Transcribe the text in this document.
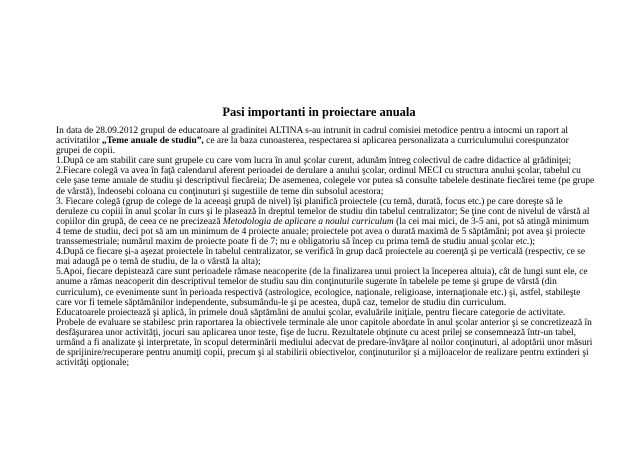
Pasi importanti in proiectare anuala
In data de 28.09.2012 grupul de educatoare al gradinitei ALTINA s-au intrunit in cadrul comisiei metodice pentru a intocmi un raport al
activitatilor „Teme anuale de studiu”, ce are la baza cunoasterea, respectarea si aplicarea personalizata a curriculumului corespunzator
grupei de copii.
1.După ce am stabilit care sunt grupele cu care vom lucra în anul şcolar curent, adunăm întreg colectivul de cadre didactice al grădiniţei;
2.Fiecare colegă va avea în faţă calendarul aferent perioadei de derulare a anului şcolar, ordinul MECI cu structura anului şcolar, tabelul cu
cele şase teme anuale de studiu şi descriptivul fiecăreia; De asemenea, colegele vor putea să consulte tabelele destinate fiecărei teme (pe grupe
de vârstă), îndeosebi coloana cu conţinuturi şi sugestiile de teme din subsolul acestora;
3. Fiecare colegă (grup de colege de la aceeaşi grupă de nivel) îşi planifică proiectele (cu temă, durată, focus etc.) pe care doreşte să le
deruleze cu copiii în anul şcolar în curs şi le plasează în dreptul temelor de studiu din tabelul centralizator; Se ţine cont de nivelul de vârstă al
copiilor din grupă, de ceea ce ne precizează Metodologia de aplicare a noului curriculum (la cei mai mici, de 3-5 ani, pot să atingă minimum
4 teme de studiu, deci pot să am un minimum de 4 proiecte anuale; proiectele pot avea o durată maximă de 5 săptămâni; pot avea şi proiecte
transsemestriale; numărul maxim de proiecte poate fi de 7; nu e obligatoriu să încep cu prima temă de studiu anual şcolar etc.);
4.După ce fiecare şi-a aşezat proiectele în tabelul centralizator, se verifică în grup dacă proiectele au coerenţă şi pe verticală (respectiv, ce se
mai adaugă pe o temă de studiu, de la o vârstă la alta);
5.Apoi, fiecare depistează care sunt perioadele rămase neacoperite (de la finalizarea unui proiect la începerea altuia), cât de lungi sunt ele, ce
anume a rămas neacoperit din descriptivul temelor de studiu sau din conţinuturile sugerate în tabelele pe teme şi grupe de vârstă (din
curriculum), ce evenimente sunt în perioada respectivă (astrologice, ecologice, naţionale, religioase, internaţionale etc.) şi, astfel, stabileşte
care vor fi temele săptămânilor independente, subsumându-le şi pe acestea, după caz, temelor de studiu din curriculum.
Educatoarele proiectează şi aplică, în primele două săptămâni de anului şcolar, evaluările iniţiale, pentru fiecare categorie de activitate.
Probele de evaluare se stabilesc prin raportarea la obiectivele terminale ale unor capitole abordate în anul şcolar anterior şi se concretizează în
desfăşurarea unor activităţi, jocuri sau aplicarea unor teste, fişe de lucru. Rezultatele obţinute cu acest prilej se consemnează într-un tabel,
urmând a fi analizate şi interpretate, în scopul determinării mediului adecvat de predare-învăţare al noilor conţinuturi, al adoptării unor măsuri
de sprijinire/recuperare pentru anumiţi copii, precum şi al stabilirii obiectivelor, conţinuturilor şi a mijloacelor de realizare pentru extinderi şi
activităţi opţionale;
